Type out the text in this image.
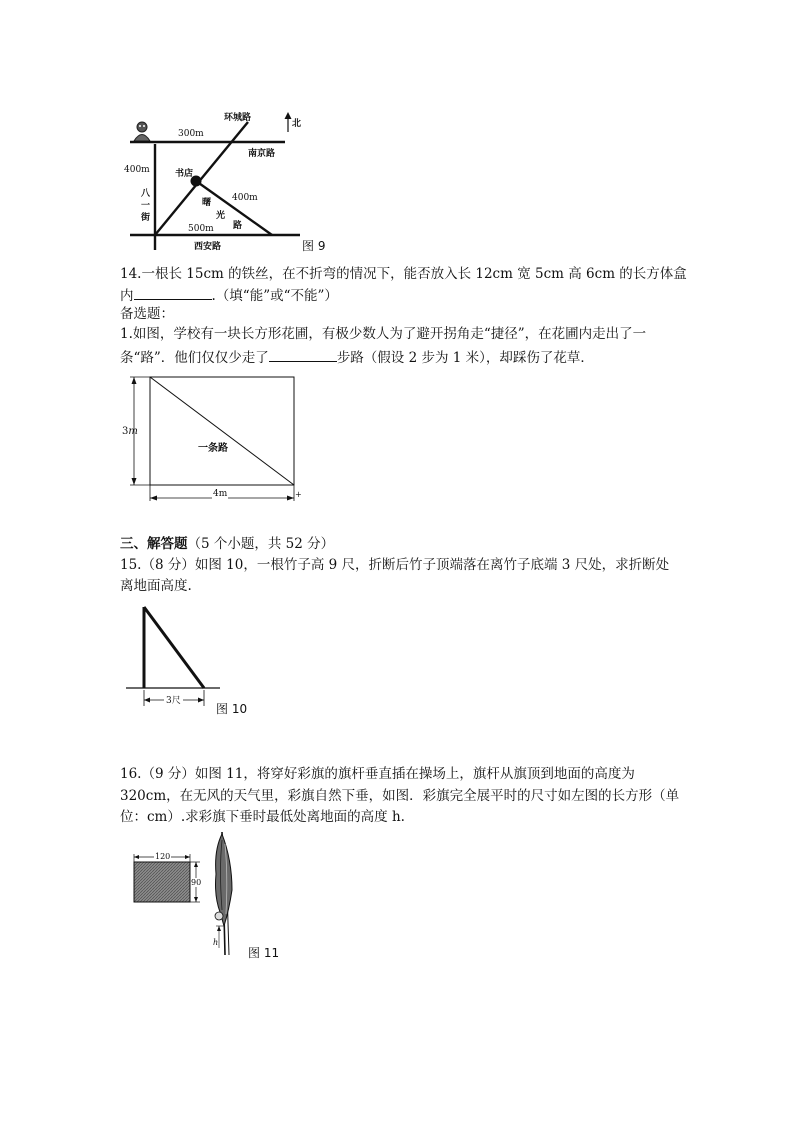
环城路
北
300m
南京路
400m	书店
400m
八
一
街
曙
光
路
500m
西安路	图 9
14.一根长 15cm 的铁丝，在不折弯的情况下，能否放入长 12cm 宽 5cm 高 6cm 的长方体盒
内	.（填“能”或“不能”）
备选题：
1.如图，学校有一块长方形花圃，有极少数人为了避开拐角走“捷径”，在花圃内走出了一
条“路”．他们仅仅少走了	步路（假设 2 步为 1 米），却踩伤了花草．
3m
一条路
4m	+
三、解答题（5 个小题，共 52 分）
15.（8 分）如图 10，一根竹子高 9 尺，折断后竹子顶端落在离竹子底端 3 尺处，求折断处
离地面高度.
3尺
图 10
16.（9 分）如图 11，将穿好彩旗的旗杆垂直插在操场上，旗杆从旗顶到地面的高度为
320cm，在无风的天气里，彩旗自然下垂，如图．彩旗完全展平时的尺寸如左图的长方形（单
位：cm）.求彩旗下垂时最低处离地面的高度 h.
120
90
h
图 11
